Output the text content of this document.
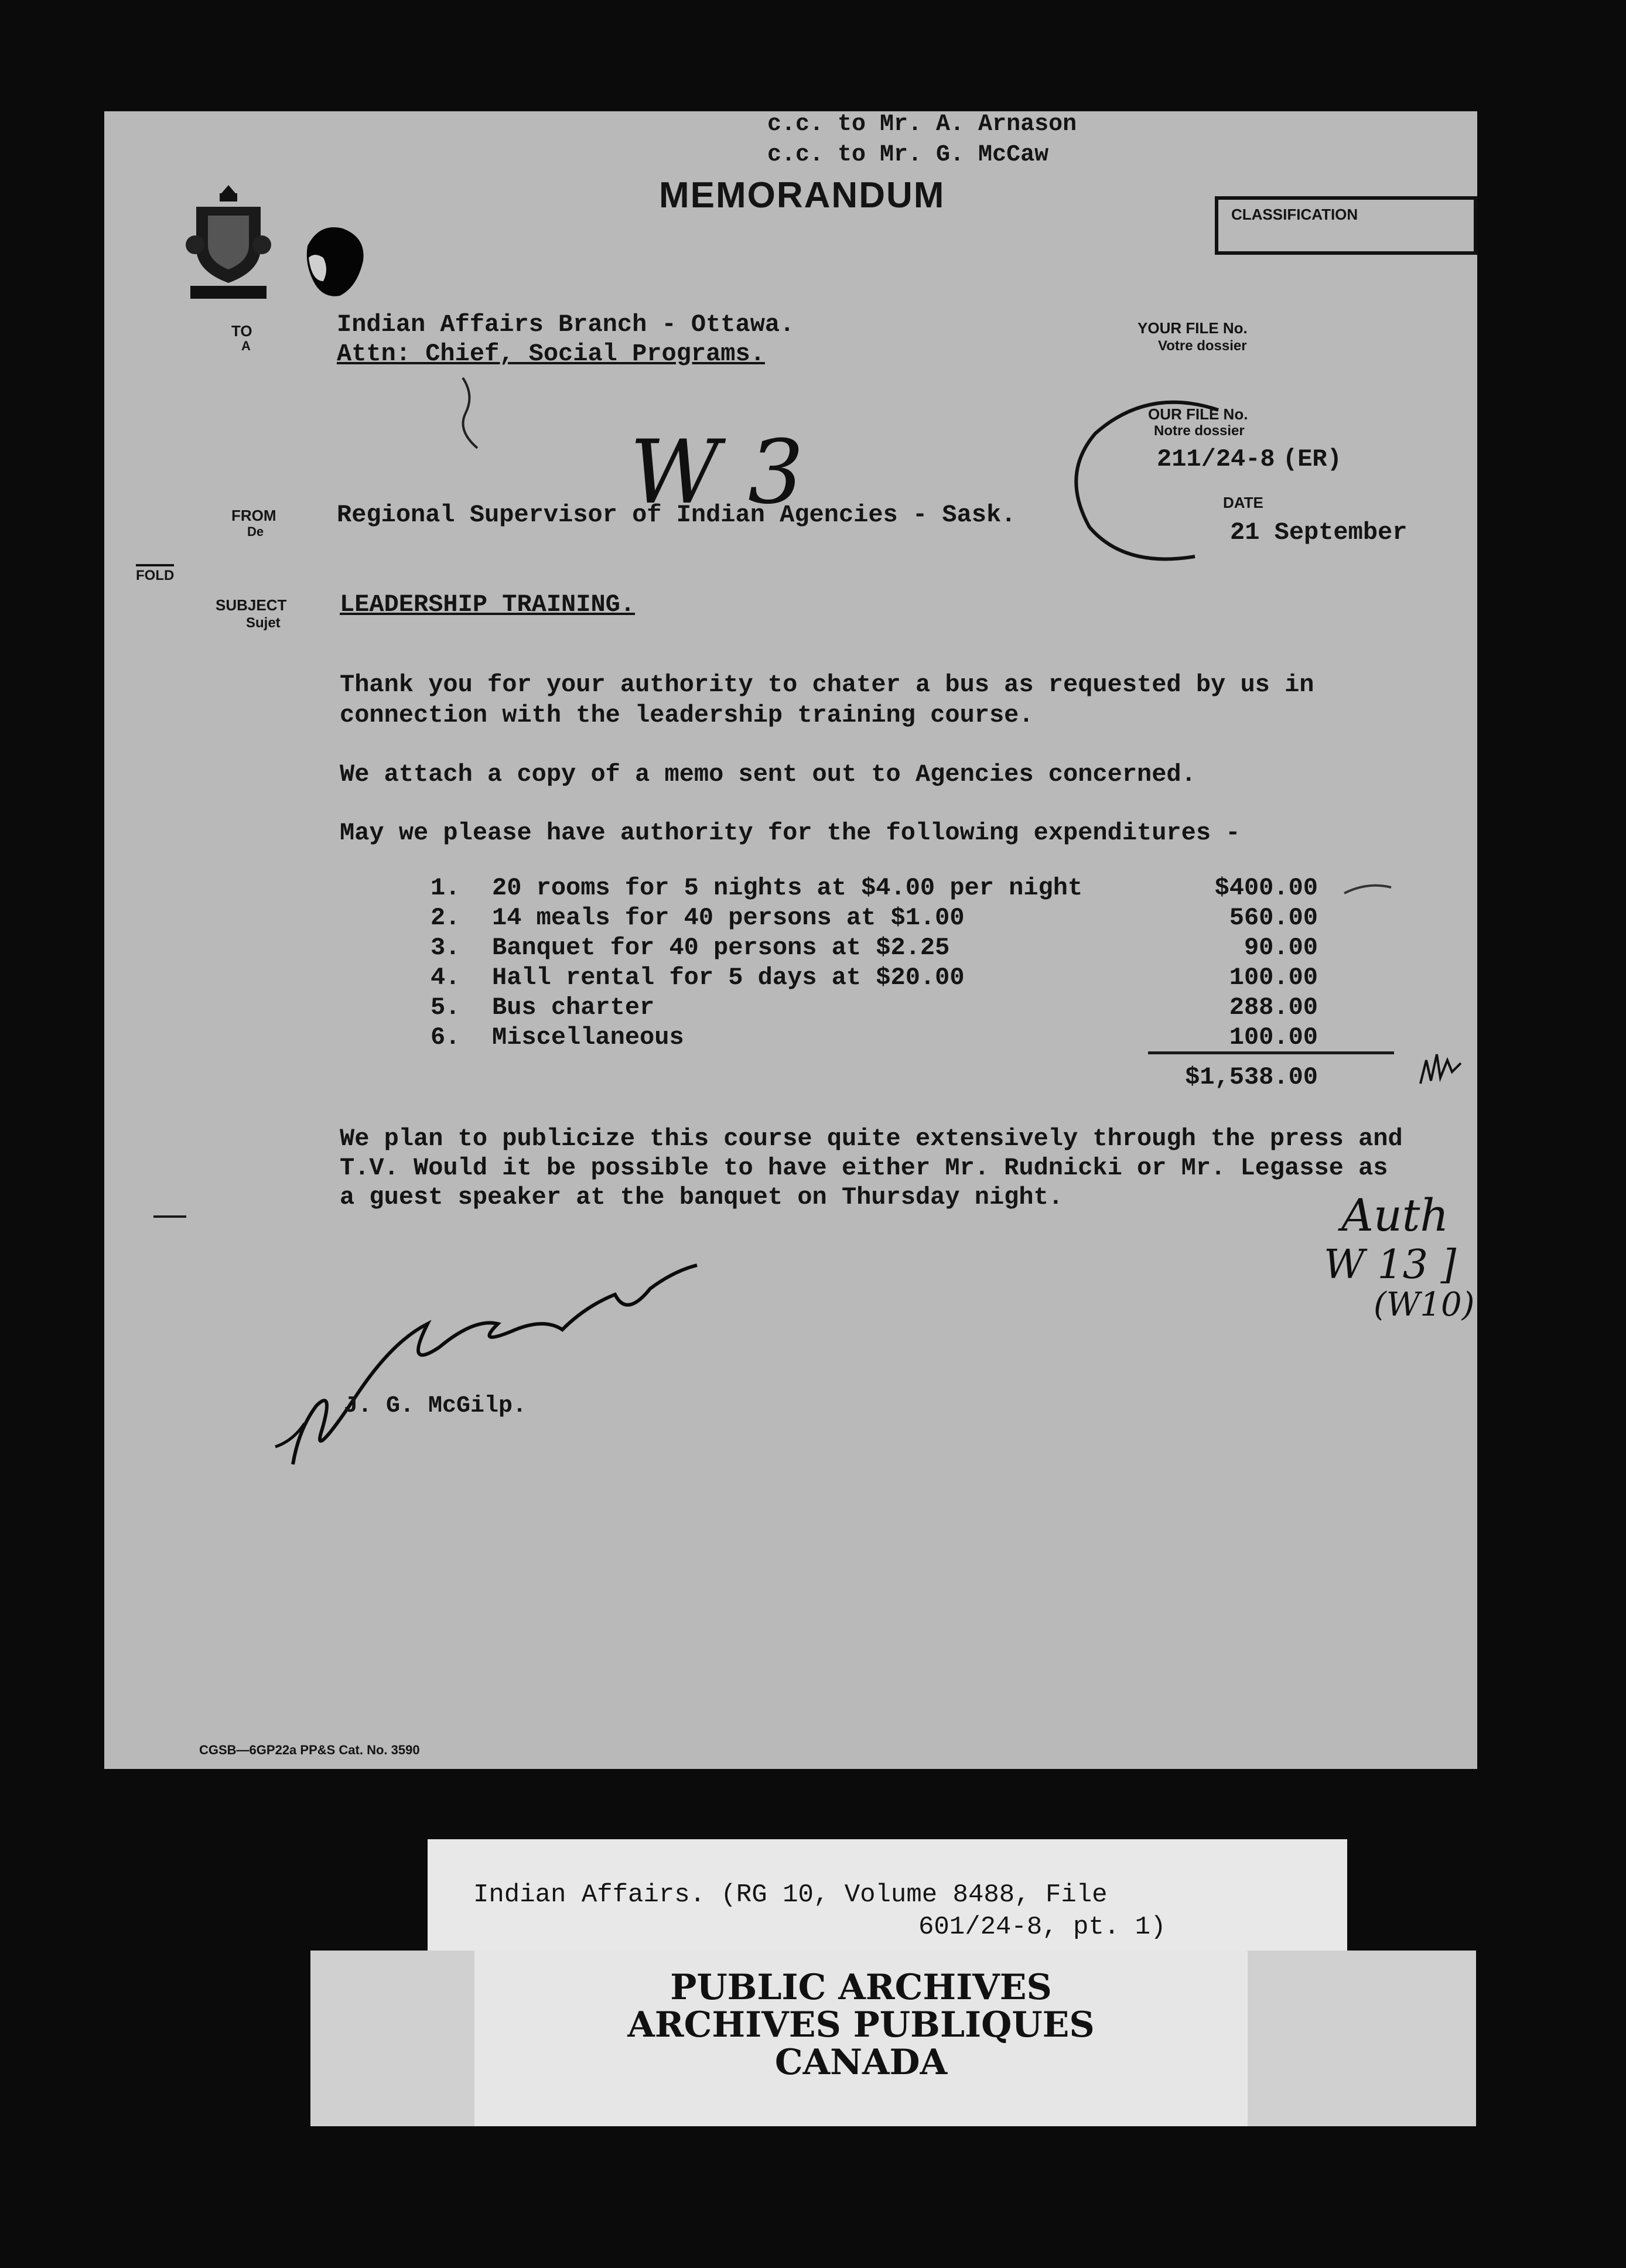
c.c. to Mr. A. Arnason
c.c. to Mr. G. McCaw
MEMORANDUM	CLASSIFICATION
TO
A
Indian Affairs Branch - Ottawa.
Attn: Chief, Social Programs.
YOUR FILE No.
Votre dossier
OUR FILE No.
Notre dossier
211/24-8 (ER)
DATE
21 September
W 3
FROM
De
Regional Supervisor of Indian Agencies - Sask.
FOLD
SUBJECT
Sujet
LEADERSHIP TRAINING.
Thank you for your authority to chater a bus as requested by us in
connection with the leadership training course.
We attach a copy of a memo sent out to Agencies concerned.
May we please have authority for the following expenditures -
1. 20 rooms for 5 nights at $4.00 per night	$400.00
2. 14 meals for 40 persons at $1.00	560.00
3. Banquet for 40 persons at $2.25	90.00
4. Hall rental for 5 days at $20.00	100.00
5. Bus charter	288.00
6. Miscellaneous	100.00
$1,538.00
We plan to publicize this course quite extensively through the press and
T.V. Would it be possible to have either Mr. Rudnicki or Mr. Legasse as
a guest speaker at the banquet on Thursday night.	Auth
W 13 ]
(W10)
J. G. McGilp.
CGSB—6GP22a PP&S Cat. No. 3590
Indian Affairs. (RG 10, Volume 8488, File
601/24-8, pt. 1)
PUBLIC ARCHIVES
ARCHIVES PUBLIQUES
CANADA
